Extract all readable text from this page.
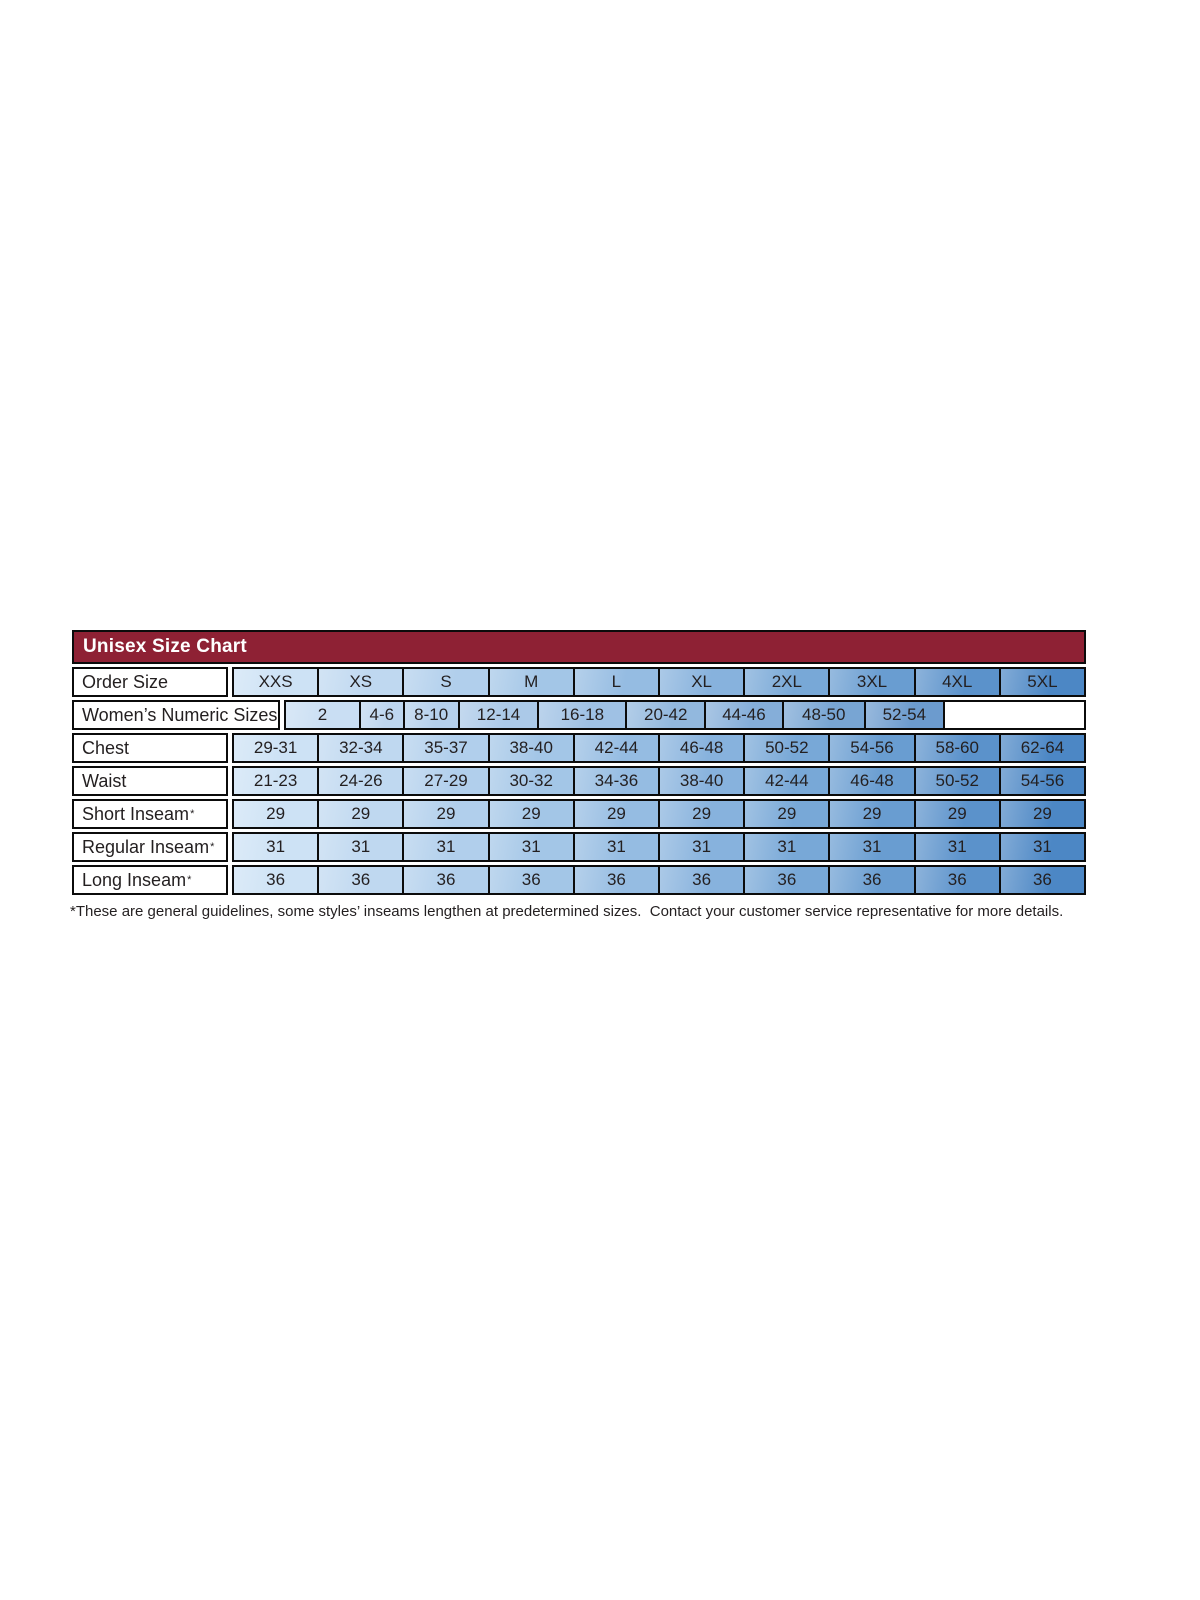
Unisex Size Chart
Order Size	XXS	XS	S	M	L	XL	2XL	3XL	4XL	5XL
Women’s Numeric Sizes	2	4-6	8-10	12-14	16-18	20-42	44-46	48-50	52-54
Chest	29-31	32-34	35-37	38-40	42-44	46-48	50-52	54-56	58-60	62-64
Waist	21-23	24-26	27-29	30-32	34-36	38-40	42-44	46-48	50-52	54-56
Short Inseam *	29	29	29	29	29	29	29	29	29	29
Regular Inseam *	31	31	31	31	31	31	31	31	31	31
Long Inseam *	36	36	36	36	36	36	36	36	36	36

*These are general guidelines, some styles’ inseams lengthen at predetermined sizes.  Contact your customer service representative for more details.
